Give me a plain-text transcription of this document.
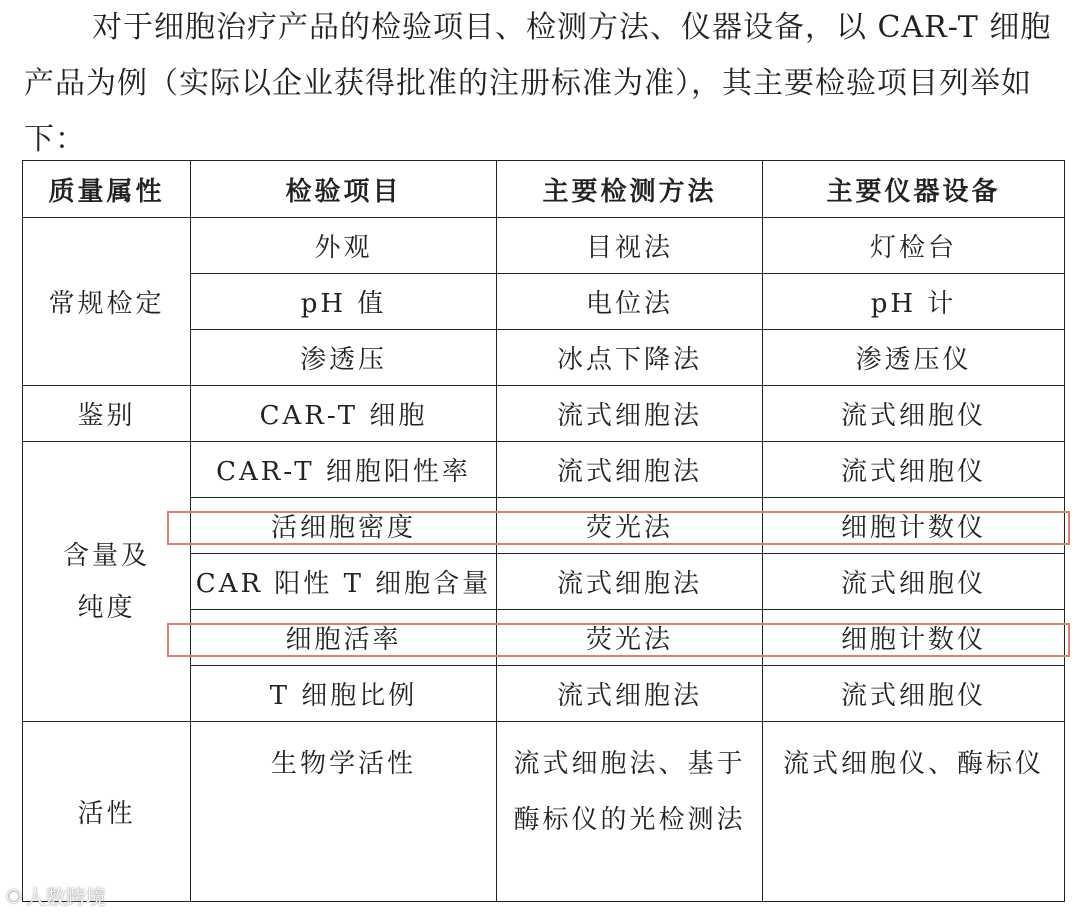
对于细胞治疗产品的检验项目、检测方法、仪器设备，以 CAR-T 细胞产品为例（实际以企业获得批准的注册标准为准），其主要检验项目列举如下：

质量属性	检验项目	主要检测方法	主要仪器设备
常规检定	外观	目视法	灯检台
	pH 值	电位法	pH 计
	渗透压	冰点下降法	渗透压仪
鉴别	CAR-T 细胞	流式细胞法	流式细胞仪
含量及纯度	CAR-T 细胞阳性率	流式细胞法	流式细胞仪
	活细胞密度	荧光法	细胞计数仪
	CAR 阳性 T 细胞含量	流式细胞法	流式细胞仪
	细胞活率	荧光法	细胞计数仪
	T 细胞比例	流式细胞法	流式细胞仪
活性	生物学活性	流式细胞法、基于酶标仪的光检测法	流式细胞仪、酶标仪
◉ 人数跨境
